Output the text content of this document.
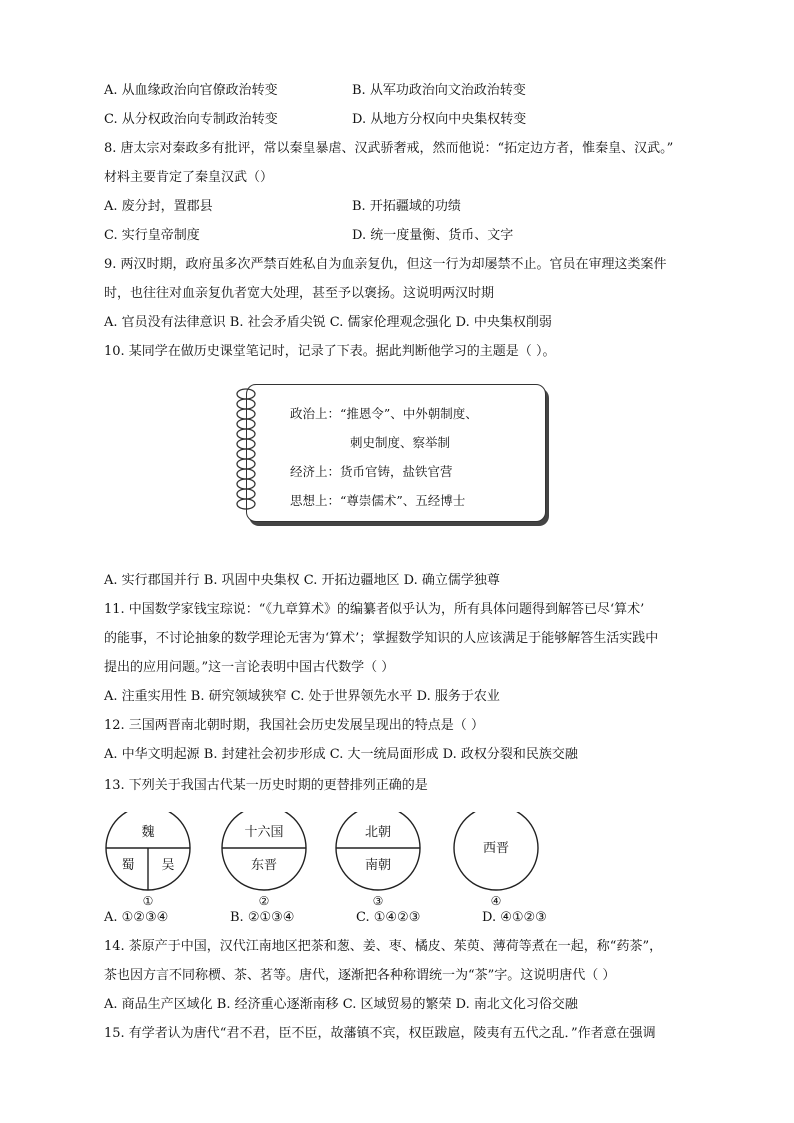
A. 从血缘政治向官僚政治转变	B. 从军功政治向文治政治转变
C. 从分权政治向专制政治转变	D. 从地方分权向中央集权转变
8. 唐太宗对秦政多有批评，常以秦皇暴虐、汉武骄奢戒，然而他说：“拓定边方者，惟秦皇、汉武。”
材料主要肯定了秦皇汉武（）
A. 废分封，置郡县	B. 开拓疆域的功绩
C. 实行皇帝制度	D. 统一度量衡、货币、文字
9. 两汉时期，政府虽多次严禁百姓私自为血亲复仇，但这一行为却屡禁不止。官员在审理这类案件
时，也往往对血亲复仇者宽大处理，甚至予以褒扬。这说明两汉时期
A. 官员没有法律意识 B. 社会矛盾尖锐 C. 儒家伦理观念强化 D. 中央集权削弱
10. 某同学在做历史课堂笔记时，记录了下表。据此判断他学习的主题是（ ）。
政治上：“推恩令”、中外朝制度、
刺史制度、察举制
经济上：货币官铸，盐铁官营
思想上：“尊崇儒术”、五经博士
A. 实行郡国并行 B. 巩固中央集权 C. 开拓边疆地区 D. 确立儒学独尊
11. 中国数学家钱宝琮说：“《九章算术》的编纂者似乎认为，所有具体问题得到解答已尽‘算术’
的能事，不讨论抽象的数学理论无害为‘算术’；掌握数学知识的人应该满足于能够解答生活实践中
提出的应用问题。”这一言论表明中国古代数学（ ）
A. 注重实用性 B. 研究领域狭窄 C. 处于世界领先水平 D. 服务于农业
12. 三国两晋南北朝时期，我国社会历史发展呈现出的特点是（ ）
A. 中华文明起源 B. 封建社会初步形成 C. 大一统局面形成 D. 政权分裂和民族交融
13. 下列关于我国古代某一历史时期的更替排列正确的是
魏
蜀 吴
①
十六国
东晋
②
北朝
南朝
③
西晋
④
A. ①②③④	B. ②①③④	C. ①④②③	D. ④①②③
14. 茶原产于中国，汉代江南地区把茶和葱、姜、枣、橘皮、茱萸、薄荷等煮在一起，称“药茶”，
茶也因方言不同称槚、茶、茗等。唐代，逐渐把各种称谓统一为“茶”字。这说明唐代（ ）
A. 商品生产区域化 B. 经济重心逐渐南移 C. 区域贸易的繁荣 D. 南北文化习俗交融
15. 有学者认为唐代“君不君，臣不臣，故藩镇不宾，权臣跋扈，陵夷有五代之乱．”作者意在强调
